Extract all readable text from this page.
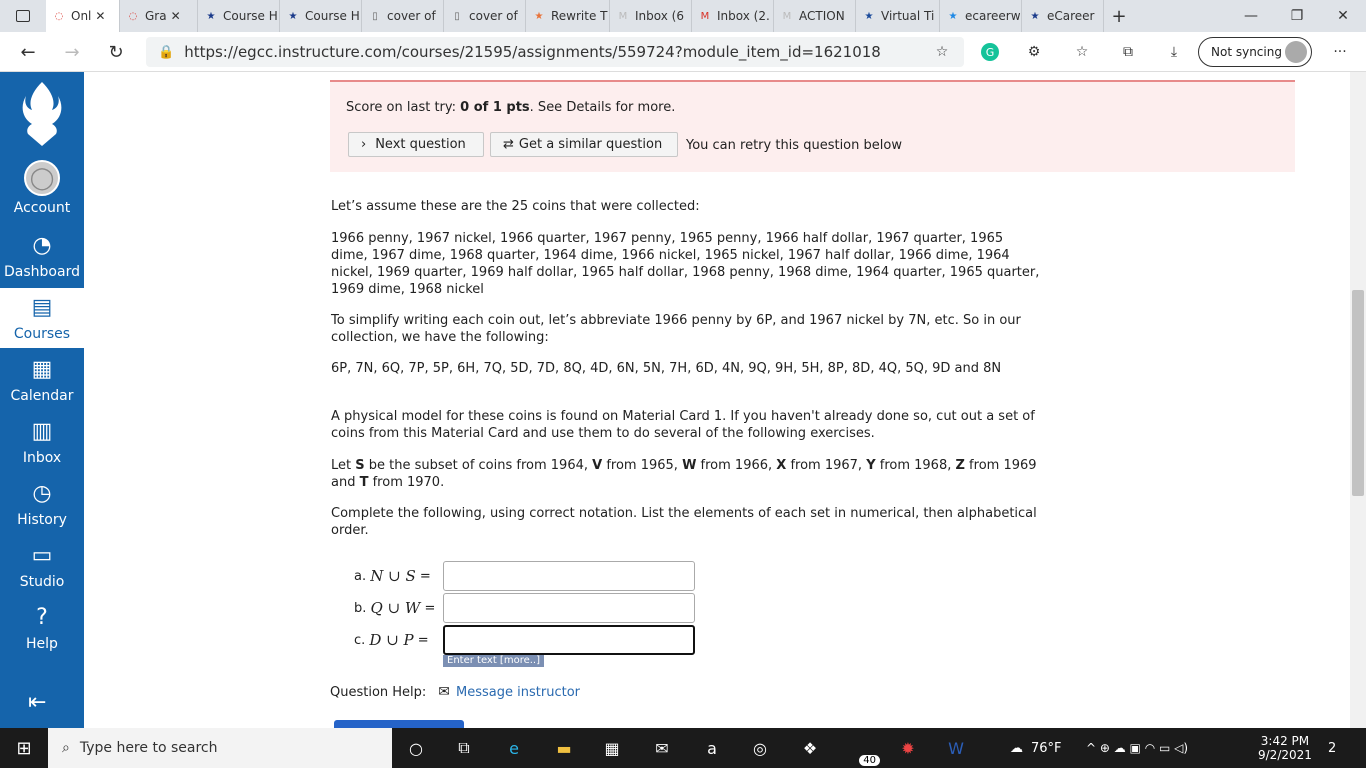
◌ Onl ✕ ◌ Gra ✕	★ Course H ★ Course H	▯ cover of	▯ cover of ★ Rewrite T M Inbox (6 M Inbox (2. M ACTION ★ Virtual Ti ★ ecareerw ★ eCareer +	—	❐	✕
←	→	↻	🔒 https://egcc.instructure.com/courses/21595/assignments/559724?module_item_id=1621018	☆	G	⚙	☆	⧉	⤓	Not syncing	···
◯
Account
◔
Dashboard
▤
Courses
▦
Calendar
▥
Inbox
◷
History
▭
Studio
?
Help
⇤
Score on last try: 0 of 1 pts. See Details for more.
› Next question	⇄ Get a similar question You can retry this question below
Let’s assume these are the 25 coins that were collected:
1966 penny, 1967 nickel, 1966 quarter, 1967 penny, 1965 penny, 1966 half dollar, 1967 quarter, 1965 dime, 1967 dime, 1968 quarter, 1964 dime, 1966 nickel, 1965 nickel, 1967 half dollar, 1966 dime, 1964 nickel, 1969 quarter, 1969 half dollar, 1965 half dollar, 1968 penny, 1968 dime, 1964 quarter, 1965 quarter, 1969 dime, 1968 nickel
To simplify writing each coin out, let’s abbreviate 1966 penny by 6P, and 1967 nickel by 7N, etc. So in our collection, we have the following:
6P, 7N, 6Q, 7P, 5P, 6H, 7Q, 5D, 7D, 8Q, 4D, 6N, 5N, 7H, 6D, 4N, 9Q, 9H, 5H, 8P, 8D, 4Q, 5Q, 9D and 8N
A physical model for these coins is found on Material Card 1. If you haven't already done so, cut out a set of coins from this Material Card and use them to do several of the following exercises.
Let S be the subset of coins from 1964, V from 1965, W from 1966, X from 1967, Y from 1968, Z from 1969 and T from 1970.
Complete the following, using correct notation. List the elements of each set in numerical, then alphabetical order.
a.
N ∪ S
=
b.
Q ∪ W
=
c.
D ∪ P
=
Enter text [more..]
Question Help: ✉ Message instructor
⊞	⌕ Type here to search	○	⧉	e	▬	▦	✉	a	◎	❖
40
✹	W	☁ 76°F ^ ⊕ ☁ ▣ ◠ ▭ ◁)	3:42 PM
9/2/2021 2
